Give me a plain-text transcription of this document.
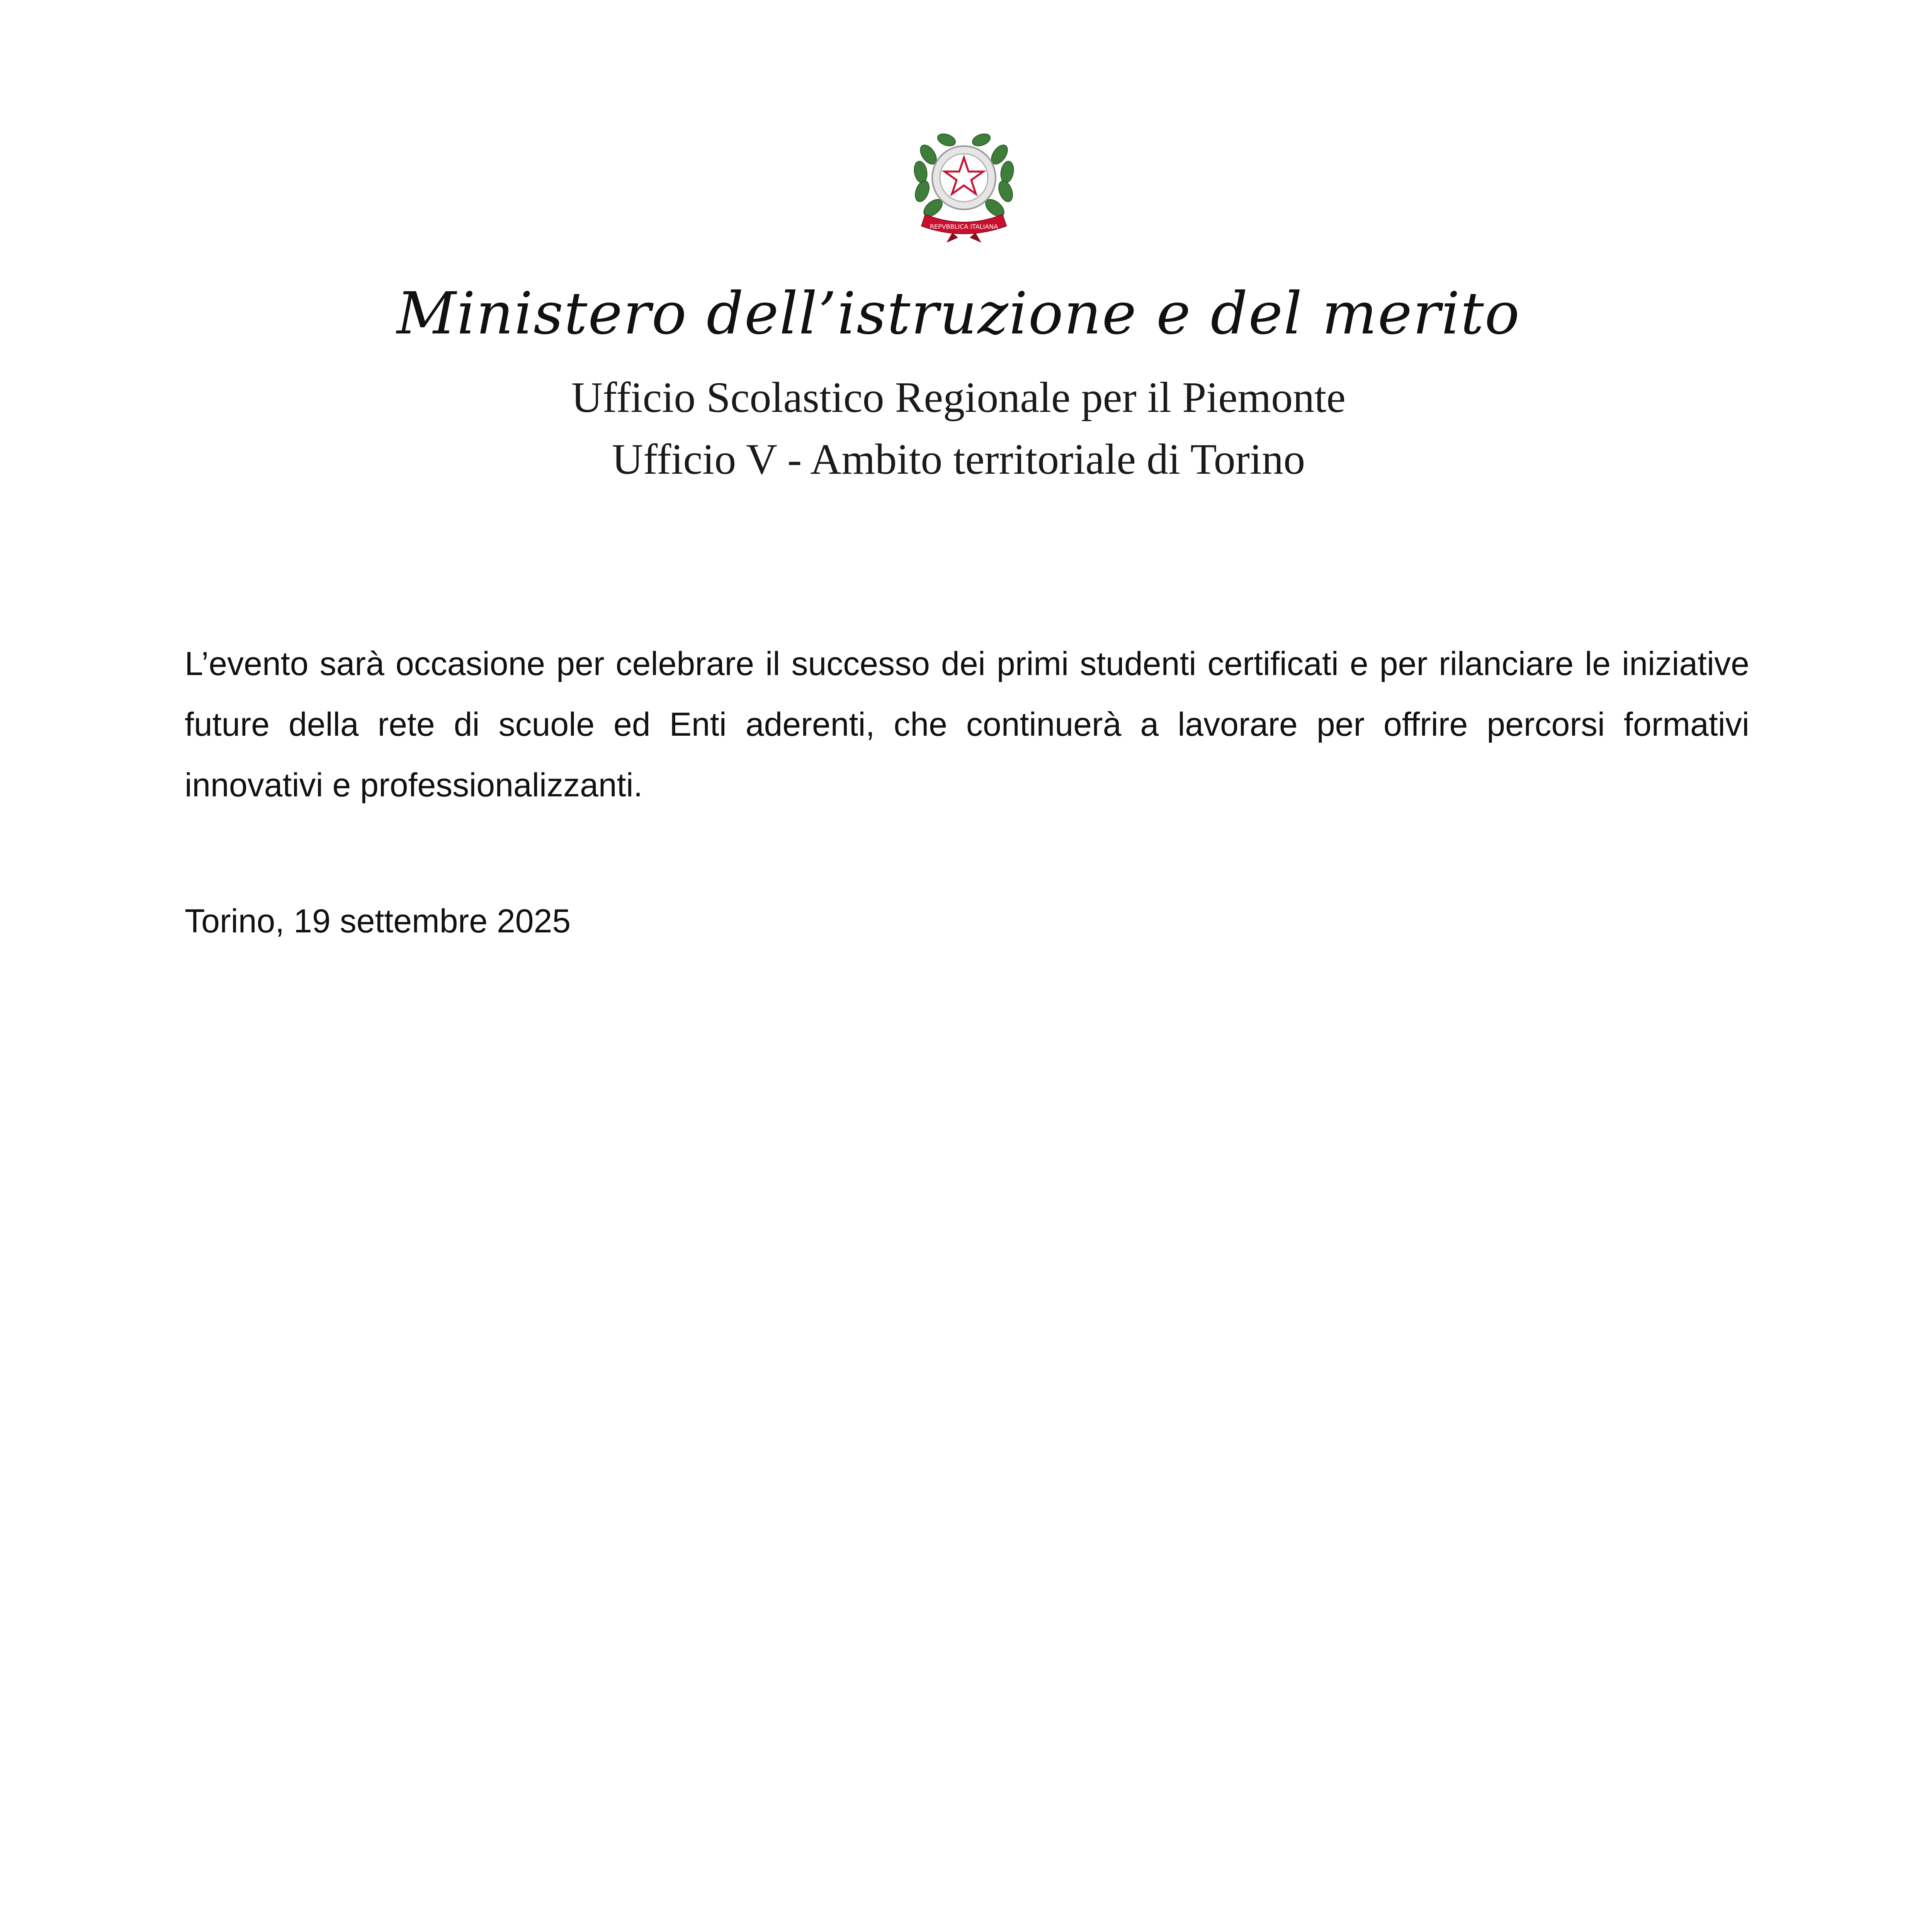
REPVBBLICA ITALIANA
Ministero dell’istruzione e del merito
Ufficio Scolastico Regionale per il Piemonte
Ufficio V - Ambito territoriale di Torino
L’evento sarà occasione per celebrare il successo dei primi studenti certificati e per rilanciare le iniziative future della rete di scuole ed Enti aderenti, che continuerà a lavorare per offrire percorsi formativi innovativi e professionalizzanti.
Torino, 19 settembre 2025
